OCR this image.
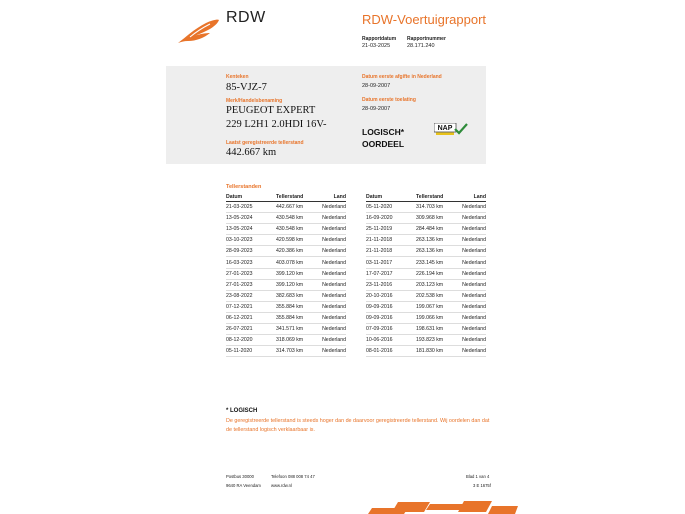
RDW	RDW-Voertuigrapport
Rapportdatum
21-03-2025
Rapportnummer
28.171.240
Kenteken
85-VJZ-7
Merk/Handelsbenaming
PEUGEOT EXPERT
229 L2H1 2.0HDI 16V-
Laatst geregistreerde tellerstand
442.667 km
Datum eerste afgifte in Nederland
28-09-2007
Datum eerste toelating
28-09-2007
LOGISCH*
OORDEEL
NAP
Tellerstanden
Datum	Tellerstand	Land
21-03-2025	442.667 km	Nederland
13-05-2024	430.548 km	Nederland
13-05-2024	430.548 km	Nederland
03-10-2023	420.598 km	Nederland
28-09-2023	420.386 km	Nederland
16-03-2023	403.078 km	Nederland
27-01-2023	399.120 km	Nederland
27-01-2023	399.120 km	Nederland
23-08-2022	382.683 km	Nederland
07-12-2021	355.884 km	Nederland
06-12-2021	355.884 km	Nederland
26-07-2021	341.571 km	Nederland
08-12-2020	318.069 km	Nederland
05-11-2020	314.703 km	Nederland
Datum	Tellerstand	Land
05-11-2020	314.703 km	Nederland
16-09-2020	309.968 km	Nederland
25-11-2019	284.484 km	Nederland
21-11-2018	263.136 km	Nederland
21-11-2018	263.136 km	Nederland
03-11-2017	233.145 km	Nederland
17-07-2017	226.194 km	Nederland
23-11-2016	203.123 km	Nederland
20-10-2016	202.538 km	Nederland
09-09-2016	199.067 km	Nederland
09-09-2016	199.066 km	Nederland
07-09-2016	198.631 km	Nederland
10-06-2016	193.823 km	Nederland
08-01-2016	181.830 km	Nederland
* LOGISCH
De geregistreerde tellerstand is steeds hoger dan de daarvoor geregistreerde tellerstand. Wij oordelen dan dat de tellerstand logisch verklaarbaar is.
Postbus 30000
9640 RA Veendam
Telefoon 088 008 74 47
www.rdw.nl
Blad 1 van 4
3 E 1675f
